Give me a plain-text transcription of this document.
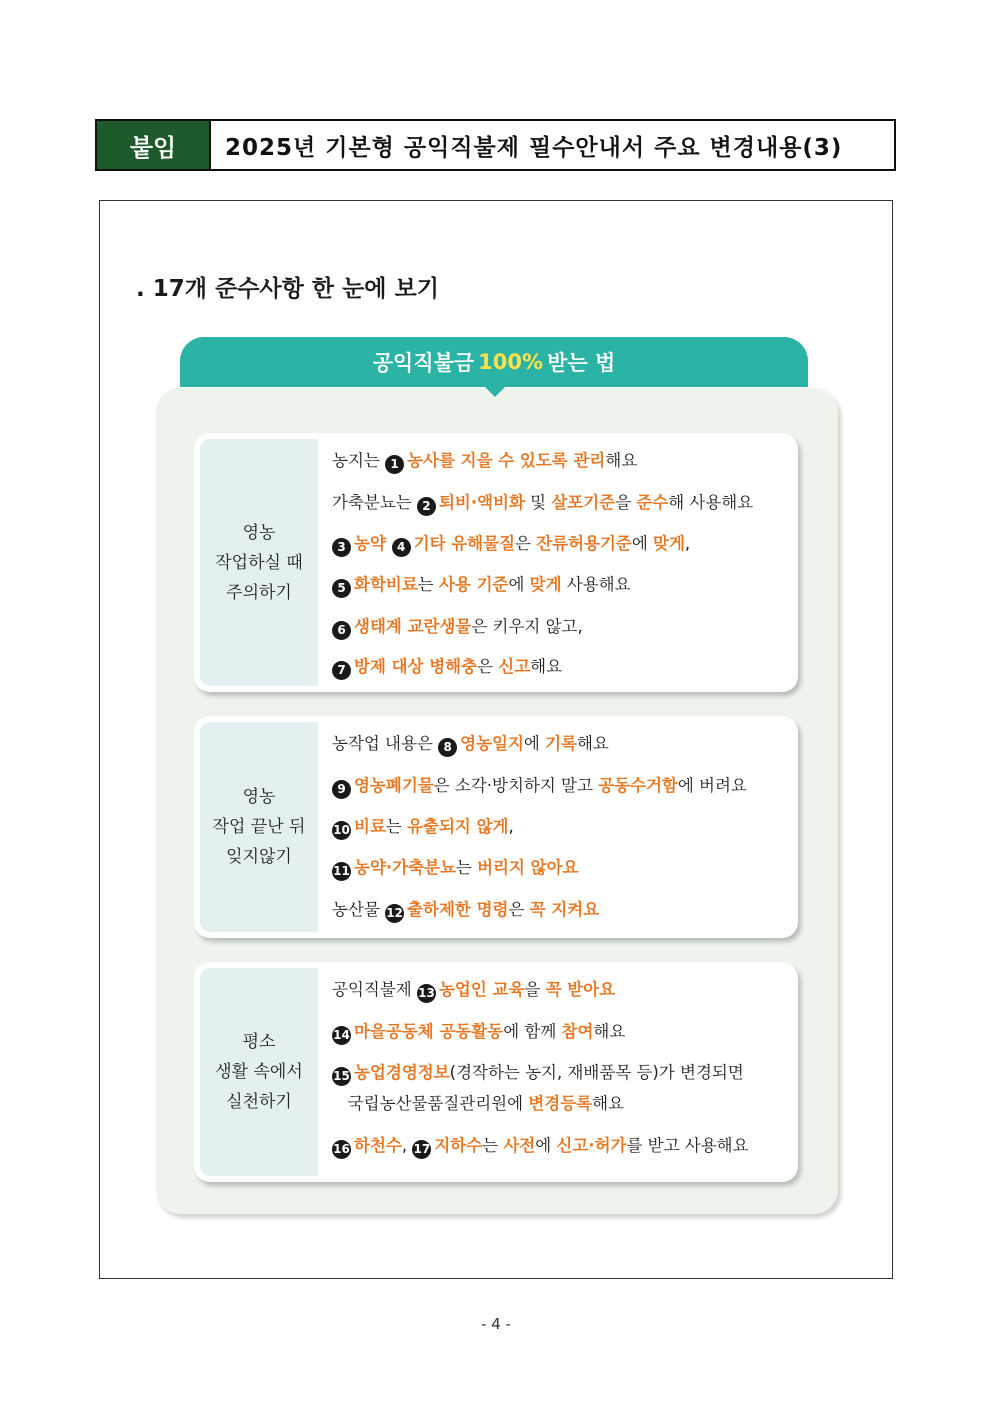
붙임	2025년 기본형 공익직불제 필수안내서 주요 변경내용(3)
. 17개 준수사항 한 눈에 보기
공익직불금 100% 받는 법
영농
작업하실 때
주의하기
농지는 1 농사를 지을 수 있도록 관리해요
가축분뇨는 2 퇴비·액비화 및 살포기준을 준수해 사용해요
3 농약 4 기타 유해물질은 잔류허용기준에 맞게,
5 화학비료는 사용 기준에 맞게 사용해요
6 생태계 교란생물은 키우지 않고,
7 방제 대상 병해충은 신고해요
영농
작업 끝난 뒤
잊지않기
농작업 내용은 8 영농일지에 기록해요
9 영농폐기물은 소각·방치하지 말고 공동수거함에 버려요
10 비료는 유출되지 않게,
11 농약·가축분뇨는 버리지 않아요
농산물 12 출하제한 명령은 꼭 지켜요
평소
생활 속에서
실천하기
공익직불제 13 농업인 교육을 꼭 받아요
14 마을공동체 공동활동에 함께 참여해요
15 농업경영정보(경작하는 농지, 재배품목 등)가 변경되면
국립농산물품질관리원에 변경등록해요
16 하천수, 17 지하수는 사전에 신고·허가를 받고 사용해요
- 4 -
